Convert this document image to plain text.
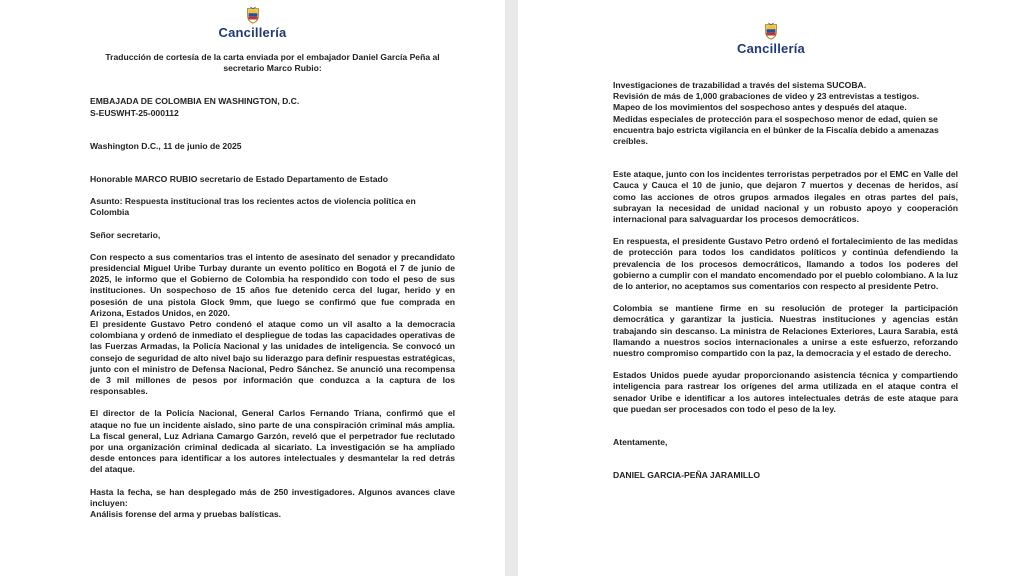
Cancillería
Cancillería

Traducción de cortesía de la carta enviada por el embajador Daniel García Peña al secretario Marco Rubio:

EMBAJADA DE COLOMBIA EN WASHINGTON, D.C.

S-EUSWHT-25-000112

Washington D.C., 11 de junio de 2025

Honorable MARCO RUBIO secretario de Estado Departamento de Estado

Asunto: Respuesta institucional tras los recientes actos de violencia política en Colombia

Señor secretario,

Con respecto a sus comentarios tras el intento de asesinato del senador y precandidato presidencial Miguel Uribe Turbay durante un evento político en Bogotá el 7 de junio de 2025, le informo que el Gobierno de Colombia ha respondido con todo el peso de sus instituciones. Un sospechoso de 15 años fue detenido cerca del lugar, herido y en posesión de una pistola Glock 9mm, que luego se confirmó que fue comprada en Arizona, Estados Unidos, en 2020.

El presidente Gustavo Petro condenó el ataque como un vil asalto a la democracia colombiana y ordenó de inmediato el despliegue de todas las capacidades operativas de las Fuerzas Armadas, la Policía Nacional y las unidades de inteligencia. Se convocó un consejo de seguridad de alto nivel bajo su liderazgo para definir respuestas estratégicas, junto con el ministro de Defensa Nacional, Pedro Sánchez. Se anunció una recompensa de 3 mil millones de pesos por información que conduzca a la captura de los responsables.

El director de la Policía Nacional, General Carlos Fernando Triana, confirmó que el ataque no fue un incidente aislado, sino parte de una conspiración criminal más amplia. La fiscal general, Luz Adriana Camargo Garzón, reveló que el perpetrador fue reclutado por una organización criminal dedicada al sicariato. La investigación se ha ampliado desde entonces para identificar a los autores intelectuales y desmantelar la red detrás del ataque.

Hasta la fecha, se han desplegado más de 250 investigadores. Algunos avances clave incluyen:

Análisis forense del arma y pruebas balísticas.

Investigaciones de trazabilidad a través del sistema SUCOBA.

Revisión de más de 1,000 grabaciones de video y 23 entrevistas a testigos.

Mapeo de los movimientos del sospechoso antes y después del ataque.

Medidas especiales de protección para el sospechoso menor de edad, quien se encuentra bajo estricta vigilancia en el búnker de la Fiscalía debido a amenazas creíbles.

Este ataque, junto con los incidentes terroristas perpetrados por el EMC en Valle del Cauca y Cauca el 10 de junio, que dejaron 7 muertos y decenas de heridos, así como las acciones de otros grupos armados ilegales en otras partes del país, subrayan la necesidad de unidad nacional y un robusto apoyo y cooperación internacional para salvaguardar los procesos democráticos.

En respuesta, el presidente Gustavo Petro ordenó el fortalecimiento de las medidas de protección para todos los candidatos políticos y continúa defendiendo la prevalencia de los procesos democráticos, llamando a todos los poderes del gobierno a cumplir con el mandato encomendado por el pueblo colombiano. A la luz de lo anterior, no aceptamos sus comentarios con respecto al presidente Petro.

Colombia se mantiene firme en su resolución de proteger la participación democrática y garantizar la justicia. Nuestras instituciones y agencias están trabajando sin descanso. La ministra de Relaciones Exteriores, Laura Sarabia, está llamando a nuestros socios internacionales a unirse a este esfuerzo, reforzando nuestro compromiso compartido con la paz, la democracia y el estado de derecho.

Estados Unidos puede ayudar proporcionando asistencia técnica y compartiendo inteligencia para rastrear los orígenes del arma utilizada en el ataque contra el senador Uribe e identificar a los autores intelectuales detrás de este ataque para que puedan ser procesados con todo el peso de la ley.

Atentamente,

DANIEL GARCIA-PEÑA JARAMILLO
